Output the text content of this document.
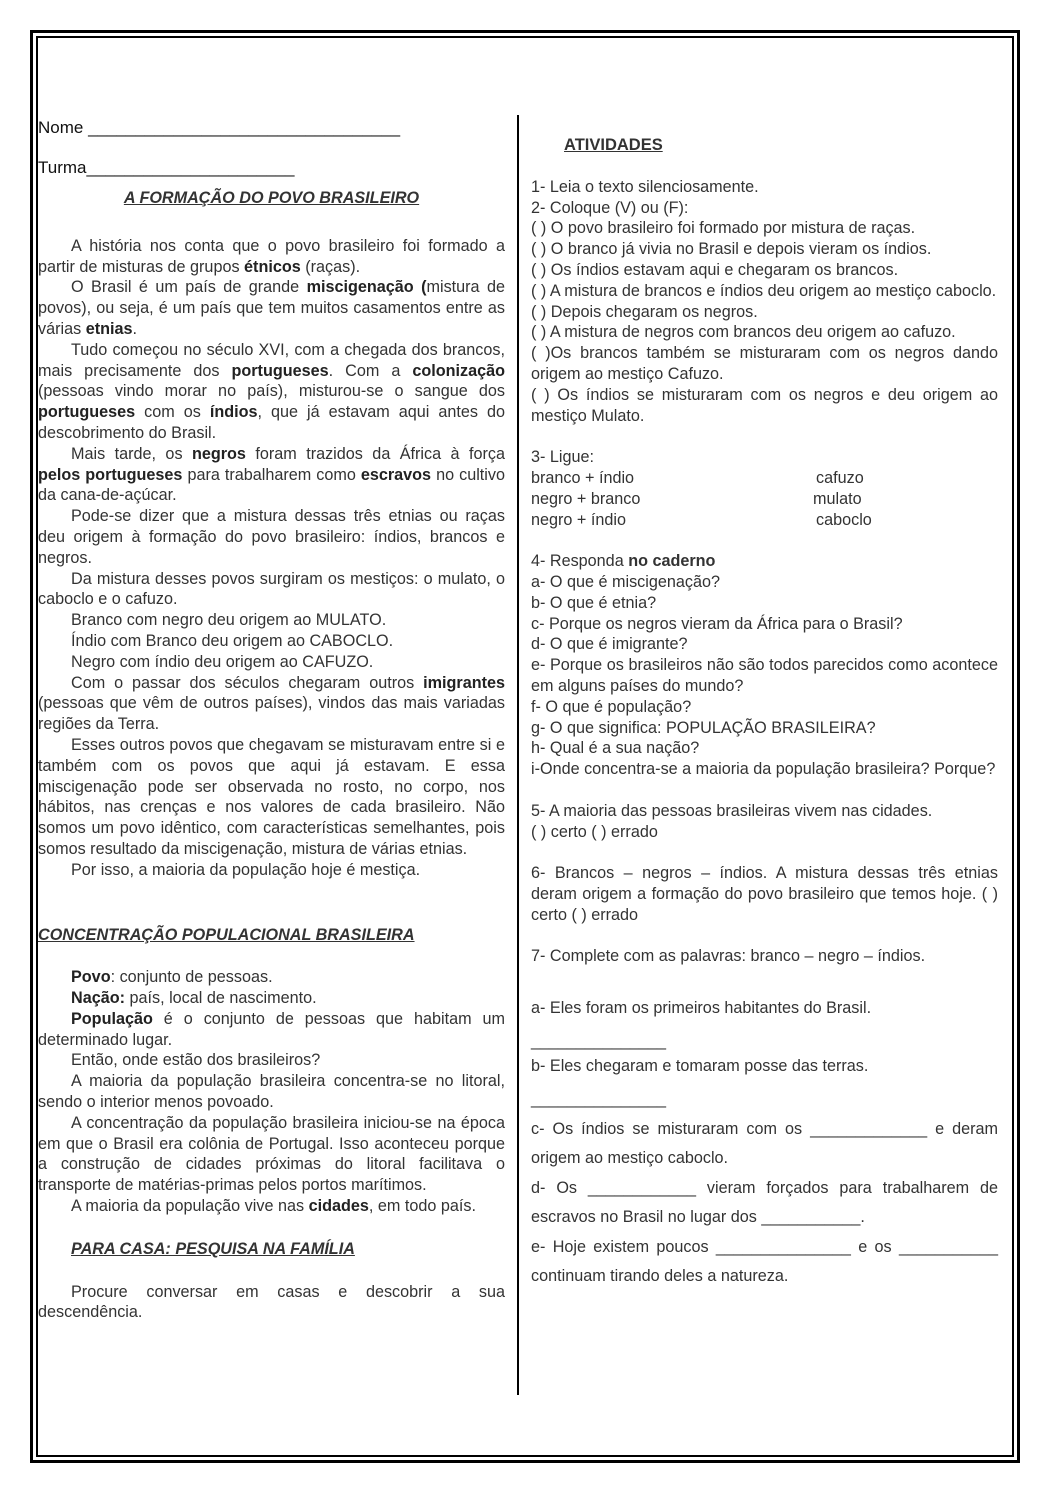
Nome _________________________________
Turma______________________

A FORMAÇÃO DO POVO BRASILEIRO

A história nos conta que o povo brasileiro foi formado a partir de misturas de grupos étnicos (raças).

O Brasil é um país de grande miscigenação (mistura de povos), ou seja, é um país que tem muitos casamentos entre as várias etnias.

Tudo começou no século XVI, com a chegada dos brancos, mais precisamente dos portugueses. Com a colonização (pessoas vindo morar no país), misturou-se o sangue dos portugueses com os índios, que já estavam aqui antes do descobrimento do Brasil.

Mais tarde, os negros foram trazidos da África à força pelos portugueses para trabalharem como escravos no cultivo da cana-de-açúcar.

Pode-se dizer que a mistura dessas três etnias ou raças deu origem à formação do povo brasileiro: índios, brancos e negros.

Da mistura desses povos surgiram os mestiços: o mulato, o caboclo e o cafuzo.

Branco com negro deu origem ao MULATO.

Índio com Branco deu origem ao CABOCLO.

Negro com índio deu origem ao CAFUZO.

Com o passar dos séculos chegaram outros imigrantes (pessoas que vêm de outros países), vindos das mais variadas regiões da Terra.

Esses outros povos que chegavam se misturavam entre si e também com os povos que aqui já estavam. E essa miscigenação pode ser observada no rosto, no corpo, nos hábitos, nas crenças e nos valores de cada brasileiro. Não somos um povo idêntico, com características semelhantes, pois somos resultado da miscigenação, mistura de várias etnias.

Por isso, a maioria da população hoje é mestiça.

CONCENTRAÇÃO POPULACIONAL BRASILEIRA

Povo: conjunto de pessoas.

Nação: país, local de nascimento.

População é o conjunto de pessoas que habitam um determinado lugar.

Então, onde estão dos brasileiros?

A maioria da população brasileira concentra-se no litoral, sendo o interior menos povoado.

A concentração da população brasileira iniciou-se na época em que o Brasil era colônia de Portugal. Isso aconteceu porque a construção de cidades próximas do litoral facilitava o transporte de matérias-primas pelos portos marítimos.

A maioria da população vive nas cidades, em todo país.

PARA CASA: PESQUISA NA FAMÍLIA

Procure conversar em casas e descobrir a sua descendência.

ATIVIDADES

1- Leia o texto silenciosamente.

2- Coloque (V) ou (F):

( ) O povo brasileiro foi formado por mistura de raças.

( ) O branco já vivia no Brasil e depois vieram os índios.

( ) Os índios estavam aqui e chegaram os brancos.

( ) A mistura de brancos e índios deu origem ao mestiço caboclo.

( ) Depois chegaram os negros.

( ) A mistura de negros com brancos deu origem ao cafuzo.

( )Os brancos também se misturaram com os negros dando origem ao mestiço Cafuzo.

( ) Os índios se misturaram com os negros e deu origem ao mestiço Mulato.

3- Ligue:

branco + índio	cafuzo

negro + branco	mulato

negro + índio	caboclo

4- Responda no caderno

a- O que é miscigenação?

b- O que é etnia?

c- Porque os negros vieram da África para o Brasil?

d- O que é imigrante?

e- Porque os brasileiros não são todos parecidos como acontece em alguns países do mundo?

f- O que é população?

g- O que significa: POPULAÇÃO BRASILEIRA?

h- Qual é a sua nação?

i-Onde concentra-se a maioria da população brasileira? Porque?

5- A maioria das pessoas brasileiras vivem nas cidades.

( ) certo ( ) errado

6- Brancos – negros – índios. A mistura dessas três etnias deram origem a formação do povo brasileiro que temos hoje. ( ) certo ( ) errado

7- Complete com as palavras: branco – negro – índios.

a- Eles foram os primeiros habitantes do Brasil.

_______________

b- Eles chegaram e tomaram posse das terras.

_______________

c- Os índios se misturaram com os _____________ e deram origem ao mestiço caboclo.

d- Os ____________ vieram forçados para trabalharem de escravos no Brasil no lugar dos ___________.

e- Hoje existem poucos _______________ e os ___________ continuam tirando deles a natureza.
